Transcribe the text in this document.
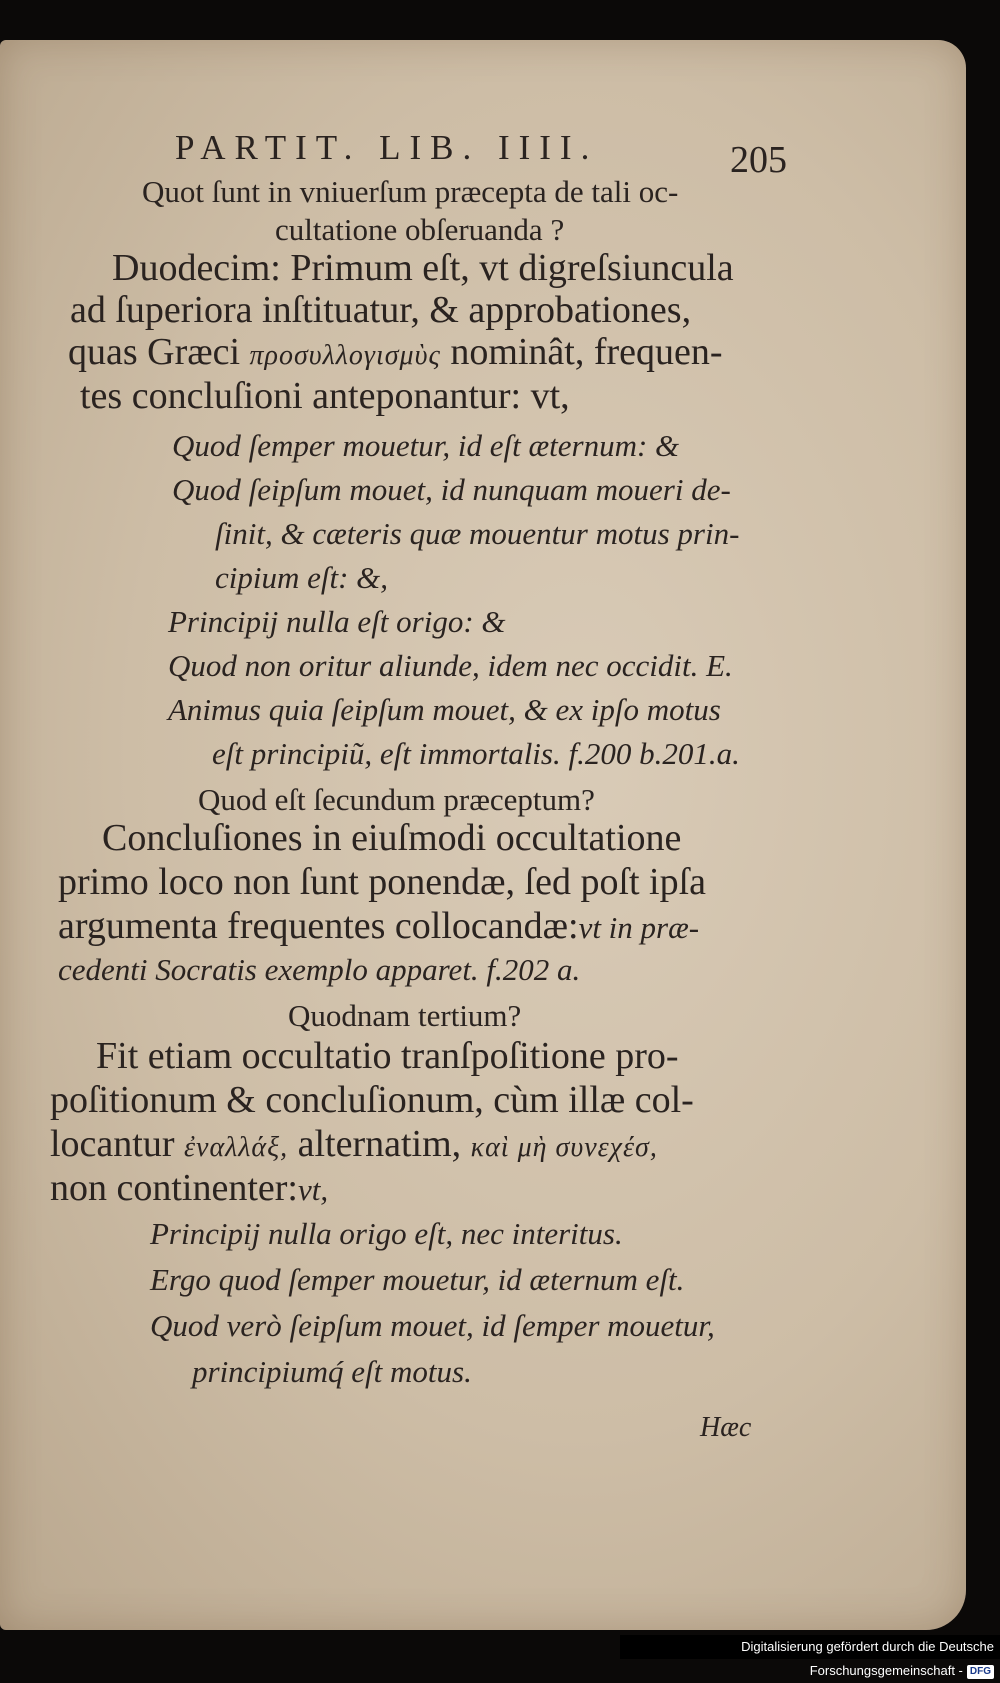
PARTIT. LIB. IIII.	205
Quot ſunt in vniuerſum præcepta de tali oc-
cultatione obſeruanda ?
Duodecim: Primum eſt, vt digreſsiuncula
ad ſuperiora inſtituatur, & approbationes,
quas Græci προσυλλογισμὺς nominât, frequen-
tes concluſioni anteponantur: vt,
Quod ſemper mouetur, id eſt æternum: &
Quod ſeipſum mouet, id nunquam moueri de-
ſinit, & cæteris quæ mouentur motus prin-
cipium eſt: &,
Principij nulla eſt origo: &
Quod non oritur aliunde, idem nec occidit. E.
Animus quia ſeipſum mouet, & ex ipſo motus
eſt principiũ, eſt immortalis. f.200 b.201.a.
Quod eſt ſecundum præceptum?
Concluſiones in eiuſmodi occultatione
primo loco non ſunt ponendæ, ſed poſt ipſa
argumenta frequentes collocandæ:vt in præ-
cedenti Socratis exemplo apparet. f.202 a.
Quodnam tertium?
Fit etiam occultatio tranſpoſitione pro-
poſitionum & concluſionum, cùm illæ col-
locantur ἐναλλάξ, alternatim, καὶ μὴ συνεχέσ,
non continenter:vt,
Principij nulla origo eſt, nec interitus.
Ergo quod ſemper mouetur, id æternum eſt.
Quod verò ſeipſum mouet, id ſemper mouetur,
principiumq́ eſt motus.
Hæc
Digitalisierung gefördert durch die Deutsche Forschungsgemeinschaft - DFG
